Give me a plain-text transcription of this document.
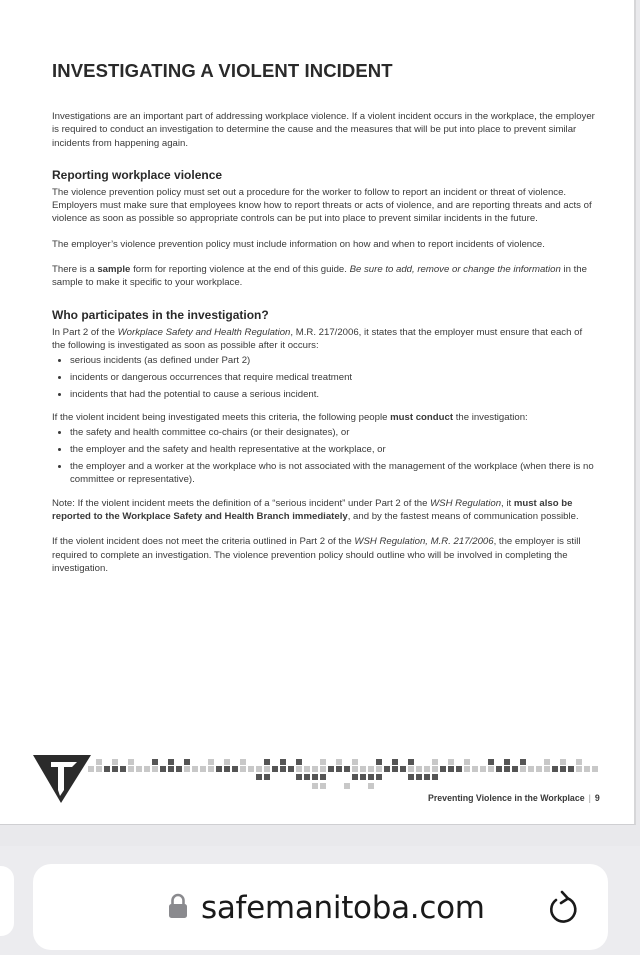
INVESTIGATING A VIOLENT INCIDENT

Investigations are an important part of addressing workplace violence. If a violent incident occurs in the workplace, the employer is required to conduct an investigation to determine the cause and the measures that will be put into place to prevent similar incidents from happening again.

Reporting workplace violence

The violence prevention policy must set out a procedure for the worker to follow to report an incident or threat of violence. Employers must make sure that employees know how to report threats or acts of violence, and are reporting threats and acts of violence as soon as possible so appropriate controls can be put into place to prevent similar incidents in the future.

The employer’s violence prevention policy must include information on how and when to report incidents of violence.

There is a sample form for reporting violence at the end of this guide. Be sure to add, remove or change the information in the sample to make it specific to your workplace.

Who participates in the investigation?

In Part 2 of the Workplace Safety and Health Regulation, M.R. 217/2006, it states that the employer must ensure that each of the following is investigated as soon as possible after it occurs:

• serious incidents (as defined under Part 2)
• incidents or dangerous occurrences that require medical treatment
• incidents that had the potential to cause a serious incident.

If the violent incident being investigated meets this criteria, the following people must conduct the investigation:

• the safety and health committee co-chairs (or their designates), or
• the employer and the safety and health representative at the workplace, or
• the employer and a worker at the workplace who is not associated with the management of the workplace (when there is no committee or representative).

Note: If the violent incident meets the definition of a “serious incident” under Part 2 of the WSH Regulation, it must also be reported to the Workplace Safety and Health Branch immediately, and by the fastest means of communication possible.

If the violent incident does not meet the criteria outlined in Part 2 of the WSH Regulation, M.R. 217/2006, the employer is still required to complete an investigation. The violence prevention policy should outline who will be involved in completing the investigation.

Preventing Violence in the Workplace | 9
safemanitoba.com
